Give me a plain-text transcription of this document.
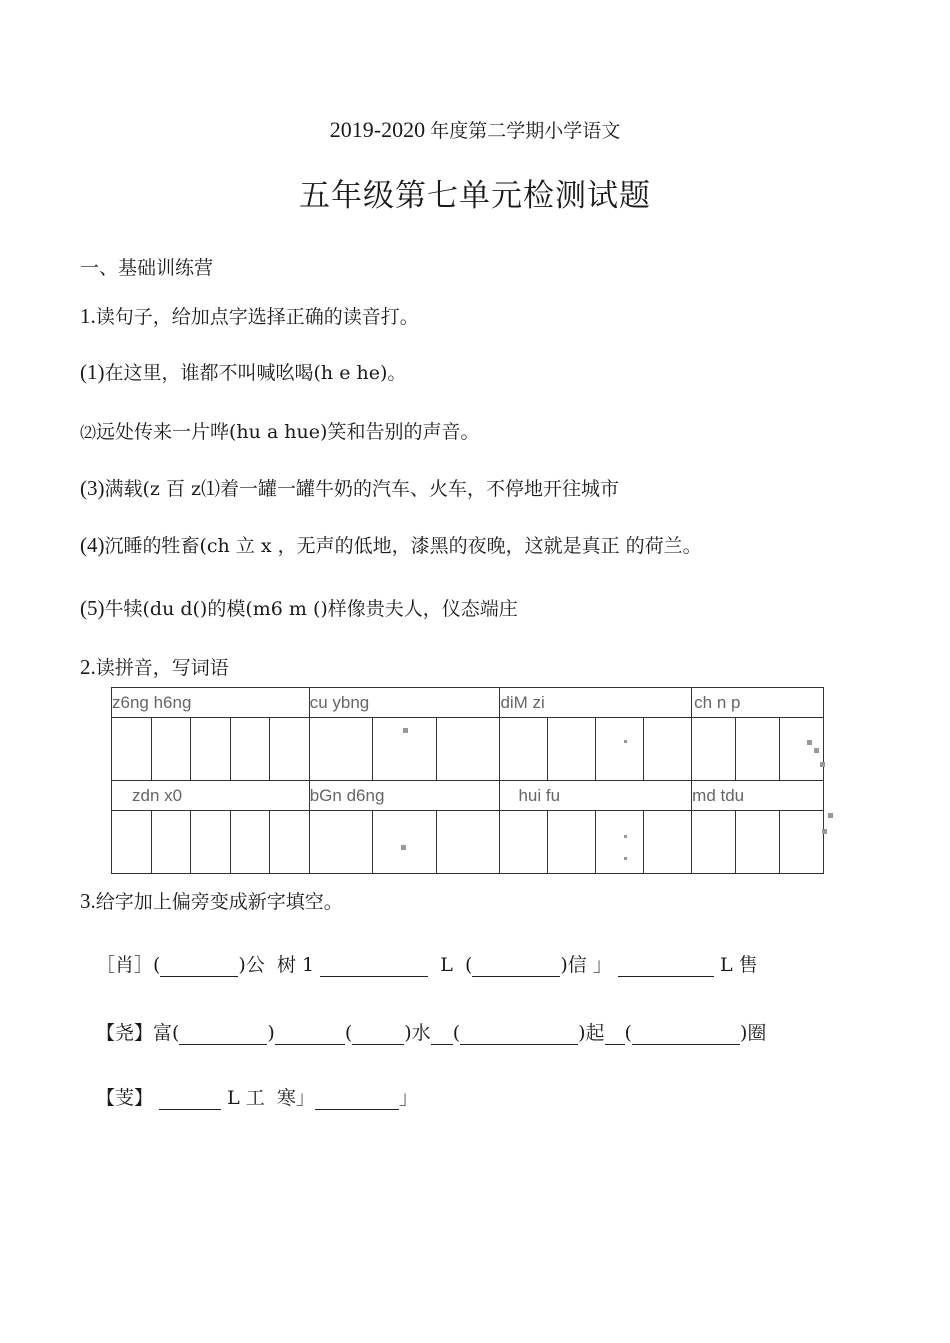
2019-2020 年度第二学期小学语文
五年级第七单元检测试题
一、基础训练营
1.读句子，给加点字选择正确的读音打。
(1)在这里，谁都不叫喊吆喝(h e he)。
⑵远处传来一片哗(hu a hue)笑和告别的声音。
(3)满载(z 百 z⑴着一罐一罐牛奶的汽车、火车，不停地开往城市
(4)沉睡的牲畜(ch 立 x ，无声的低地，漆黑的夜晚，这就是真正 的荷兰。
(5)牛犊(du d()的模(m6 m ()样像贵夫人，仪态端庄
2.读拼音，写词语
z6ng h6ng	cu ybng	diM zi	ch n p

zdn x0	bGn d6ng	hui fu	md tdu

3.给字加上偏旁变成新字填空。
［肖］(	)公 树 1	L (	)信 」	L 售
【尧】富(	)	(	)水 (	)起 (	)圈
【芰】	L 工 寒」	」
